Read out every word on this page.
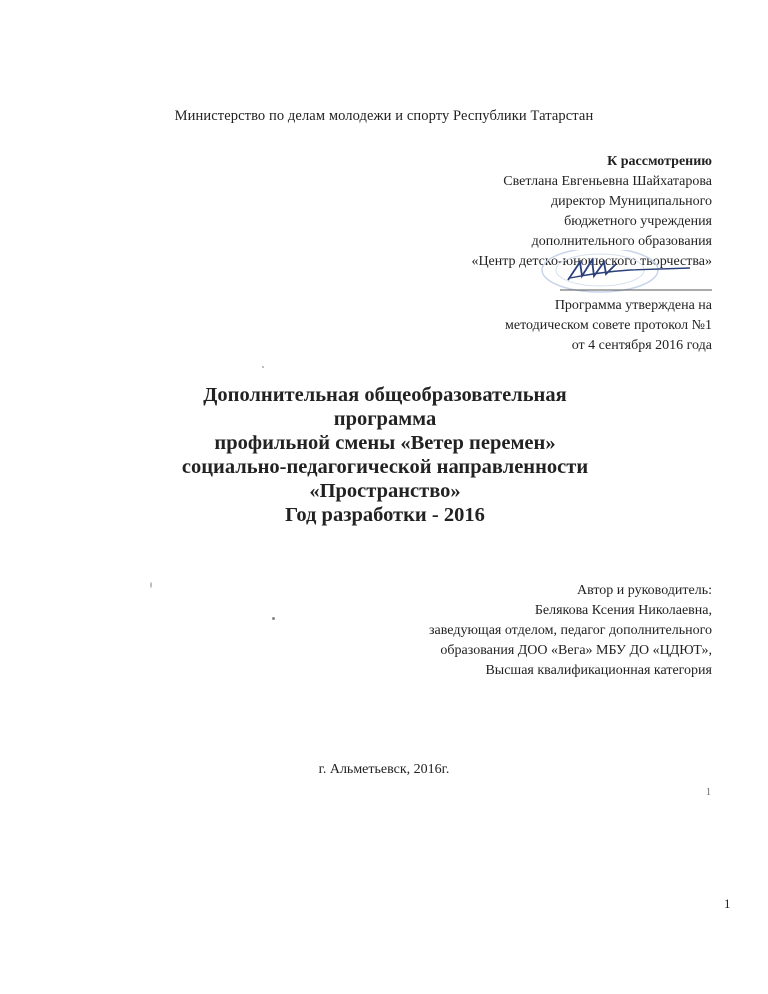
Министерство по делам молодежи и спорту Республики Татарстан
К рассмотрению
Светлана Евгеньевна Шайхатарова
директор Муниципального
бюджетного учреждения
дополнительного образования
«Центр детско-юношеского творчества»
Программа утверждена на
методическом совете протокол №1
от 4 сентября 2016 года
Дополнительная общеобразовательная
программа
профильной смены «Ветер перемен»
социально-педагогической направленности
«Пространство»
Год разработки - 2016
Автор и руководитель:
Белякова Ксения Николаевна,
заведующая отделом, педагог дополнительного
образования ДОО «Вега» МБУ ДО «ЦДЮТ»,
Высшая квалификационная категория
г. Альметьевск, 2016г.
1
1
